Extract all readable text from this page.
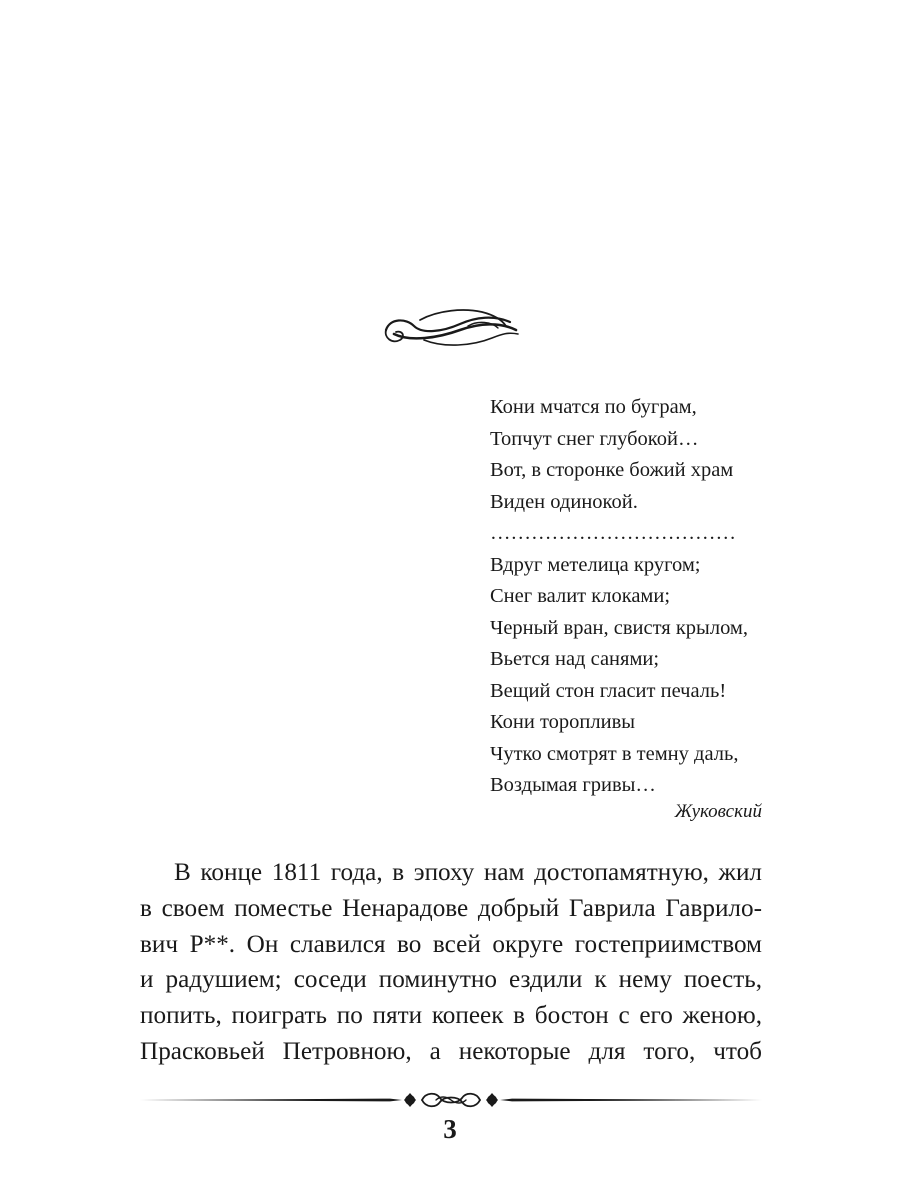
Кони мчатся по буграм,
Топчут снег глубокой…
Вот, в сторонке божий храм
Виден одинокой.
………………………………
Вдруг метелица кругом;
Снег валит клоками;
Черный вран, свистя крылом,
Вьется над санями;
Вещий стон гласит печаль!
Кони торопливы
Чутко смотрят в темну даль,
Воздымая гривы…
Жуковский
В конце 1811 года, в эпоху нам достопамятную, жил
в своем поместье Ненарадове добрый Гаврила Гаврило-
вич Р**. Он славился во всей округе гостеприимством
и радушием; соседи поминутно ездили к нему поесть,
попить, поиграть по пяти копеек в бостон с его женою,
Прасковьей Петровною, а некоторые для того, чтоб
3
